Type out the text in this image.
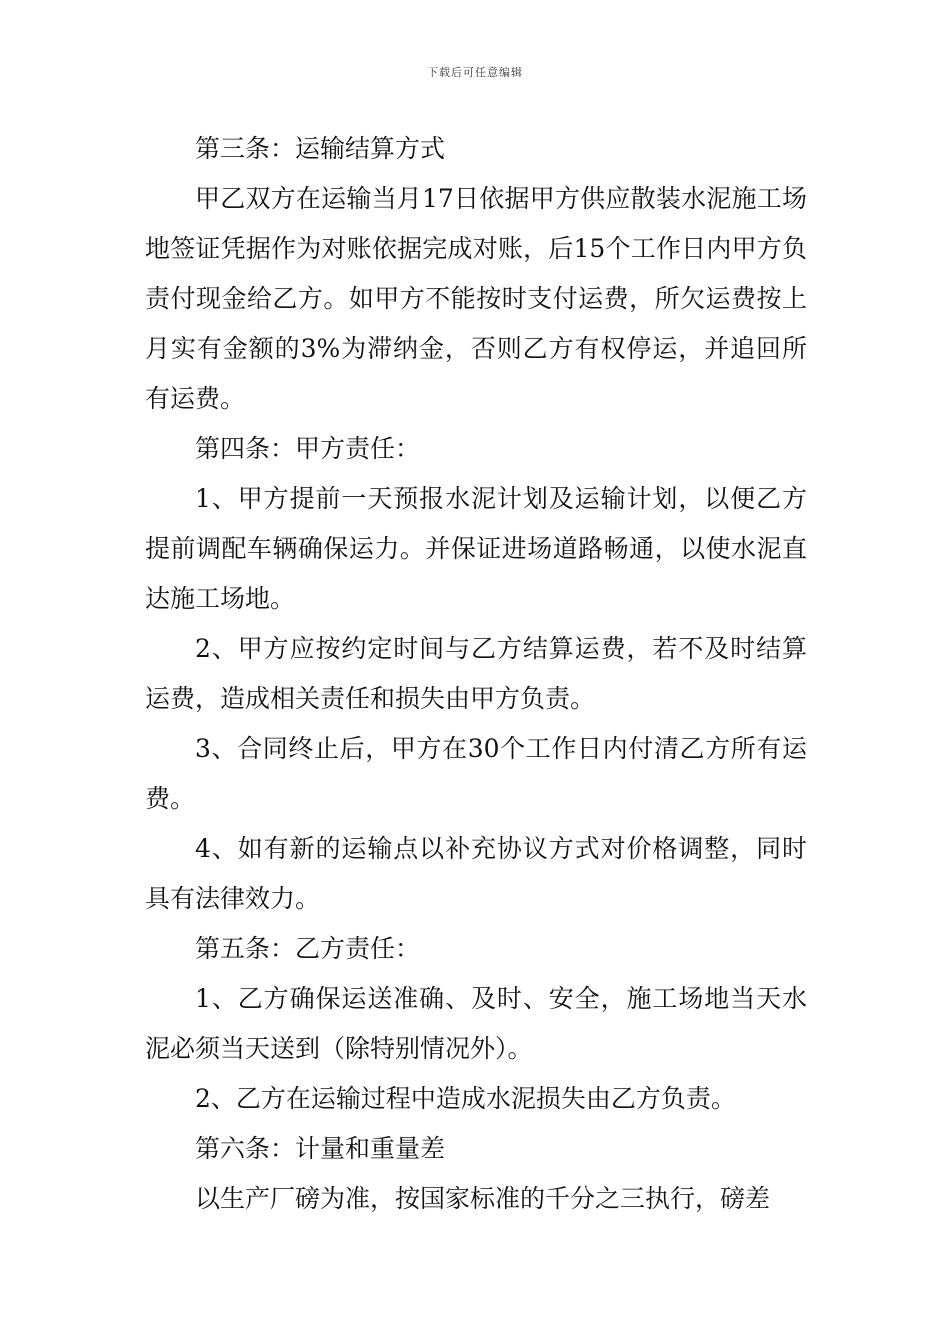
下载后可任意编辑

第三条：运输结算方式

甲乙双方在运输当月17日依据甲方供应散装水泥施工场地签证凭据作为对账依据完成对账，后15个工作日内甲方负责付现金给乙方。如甲方不能按时支付运费，所欠运费按上月实有金额的3%为滞纳金，否则乙方有权停运，并追回所有运费。

第四条：甲方责任：

1、甲方提前一天预报水泥计划及运输计划，以便乙方提前调配车辆确保运力。并保证进场道路畅通，以使水泥直达施工场地。

2、甲方应按约定时间与乙方结算运费，若不及时结算运费，造成相关责任和损失由甲方负责。

3、合同终止后，甲方在30个工作日内付清乙方所有运费。

4、如有新的运输点以补充协议方式对价格调整，同时具有法律效力。

第五条：乙方责任：

1、乙方确保运送准确、及时、安全，施工场地当天水泥必须当天送到（除特别情况外）。

2、乙方在运输过程中造成水泥损失由乙方负责。

第六条：计量和重量差

以生产厂磅为准，按国家标准的千分之三执行，磅差
